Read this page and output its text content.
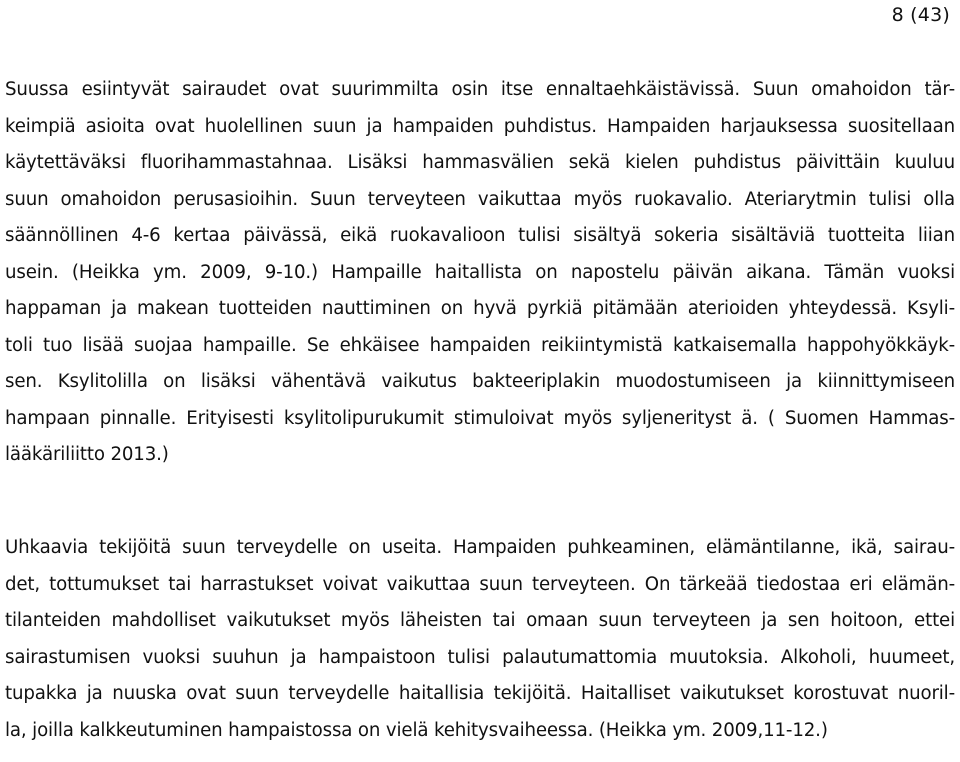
8 (43)
Suussa esiintyvät sairaudet ovat suurimmilta osin itse ennaltaehkäistävissä. Suun omahoidon tär-
keimpiä asioita ovat huolellinen suun ja hampaiden puhdistus. Hampaiden harjauksessa suositellaan
käytettäväksi fluorihammastahnaa. Lisäksi hammasvälien sekä kielen puhdistus päivittäin kuuluu
suun omahoidon perusasioihin. Suun terveyteen vaikuttaa myös ruokavalio. Ateriarytmin tulisi olla
säännöllinen 4-6 kertaa päivässä, eikä ruokavalioon tulisi sisältyä sokeria sisältäviä tuotteita liian
usein. (Heikka ym. 2009, 9-10.) Hampaille haitallista on napostelu päivän aikana. Tämän vuoksi
happaman ja makean tuotteiden nauttiminen on hyvä pyrkiä pitämään aterioiden yhteydessä. Ksyli-
toli tuo lisää suojaa hampaille. Se ehkäisee hampaiden reikiintymistä katkaisemalla happohyökkäyk-
sen. Ksylitolilla on lisäksi vähentävä vaikutus bakteeriplakin muodostumiseen ja kiinnittymiseen
hampaan pinnalle. Erityisesti ksylitolipurukumit stimuloivat myös syljenerityst ä. ( Suomen Hammas-
lääkäriliitto 2013.)
Uhkaavia tekijöitä suun terveydelle on useita. Hampaiden puhkeaminen, elämäntilanne, ikä, sairau-
det, tottumukset tai harrastukset voivat vaikuttaa suun terveyteen. On tärkeää tiedostaa eri elämän-
tilanteiden mahdolliset vaikutukset myös läheisten tai omaan suun terveyteen ja sen hoitoon, ettei
sairastumisen vuoksi suuhun ja hampaistoon tulisi palautumattomia muutoksia. Alkoholi, huumeet,
tupakka ja nuuska ovat suun terveydelle haitallisia tekijöitä. Haitalliset vaikutukset korostuvat nuoril-
la, joilla kalkkeutuminen hampaistossa on vielä kehitysvaiheessa. (Heikka ym. 2009,11-12.)
